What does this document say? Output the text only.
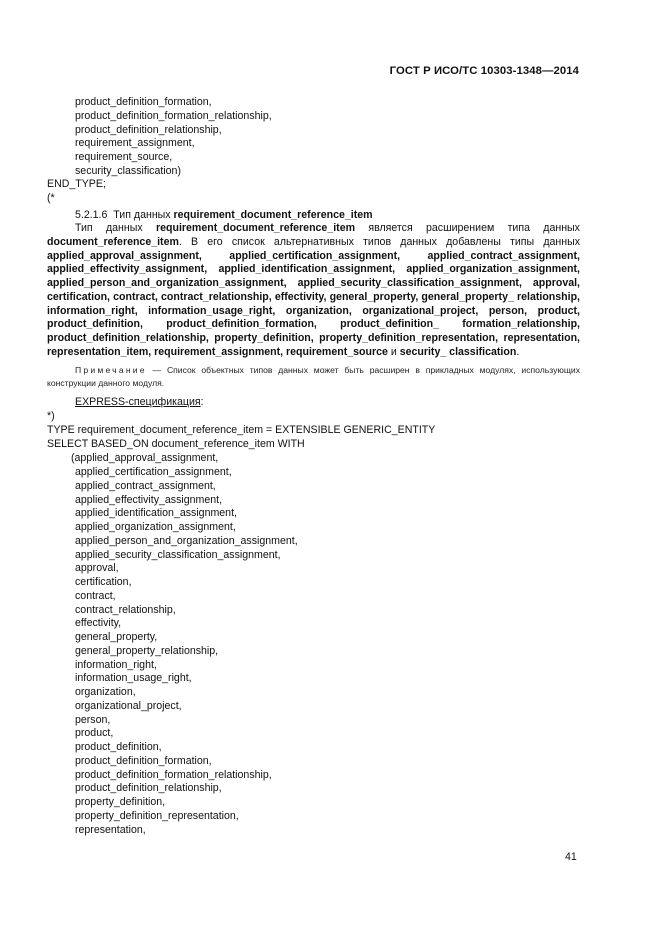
ГОСТ Р ИСО/ТС 10303-1348—2014
product_definition_formation,
product_definition_formation_relationship,
product_definition_relationship,
requirement_assignment,
requirement_source,
security_classification)
END_TYPE;
(*
5.2.1.6 Тип данных requirement_document_reference_item
Тип данных requirement_document_reference_item является расширением типа данных document_reference_item. В его список альтернативных типов данных добавлены типы данных applied_approval_assignment, applied_certification_assignment, applied_contract_assignment, applied_effectivity_assignment, applied_identification_assignment, applied_organization_assignment, applied_person_and_organization_assignment, applied_security_classification_assignment, approval, certification, contract, contract_relationship, effectivity, general_property, general_property_ relationship, information_right, information_usage_right, organization, organizational_project, person, product, product_definition, product_definition_formation, product_definition_ formation_relationship, product_definition_relationship, property_definition, property_definition_representation, representation, representation_item, requirement_assignment, requirement_source и security_ classification.
Примечание — Список объектных типов данных может быть расширен в прикладных модулях, использующих конструкции данного модуля.
EXPRESS-спецификация:
*)
TYPE requirement_document_reference_item = EXTENSIBLE GENERIC_ENTITY
SELECT BASED_ON document_reference_item WITH
(applied_approval_assignment,
applied_certification_assignment,
applied_contract_assignment,
applied_effectivity_assignment,
applied_identification_assignment,
applied_organization_assignment,
applied_person_and_organization_assignment,
applied_security_classification_assignment,
approval,
certification,
contract,
contract_relationship,
effectivity,
general_property,
general_property_relationship,
information_right,
information_usage_right,
organization,
organizational_project,
person,
product,
product_definition,
product_definition_formation,
product_definition_formation_relationship,
product_definition_relationship,
property_definition,
property_definition_representation,
representation,
41
